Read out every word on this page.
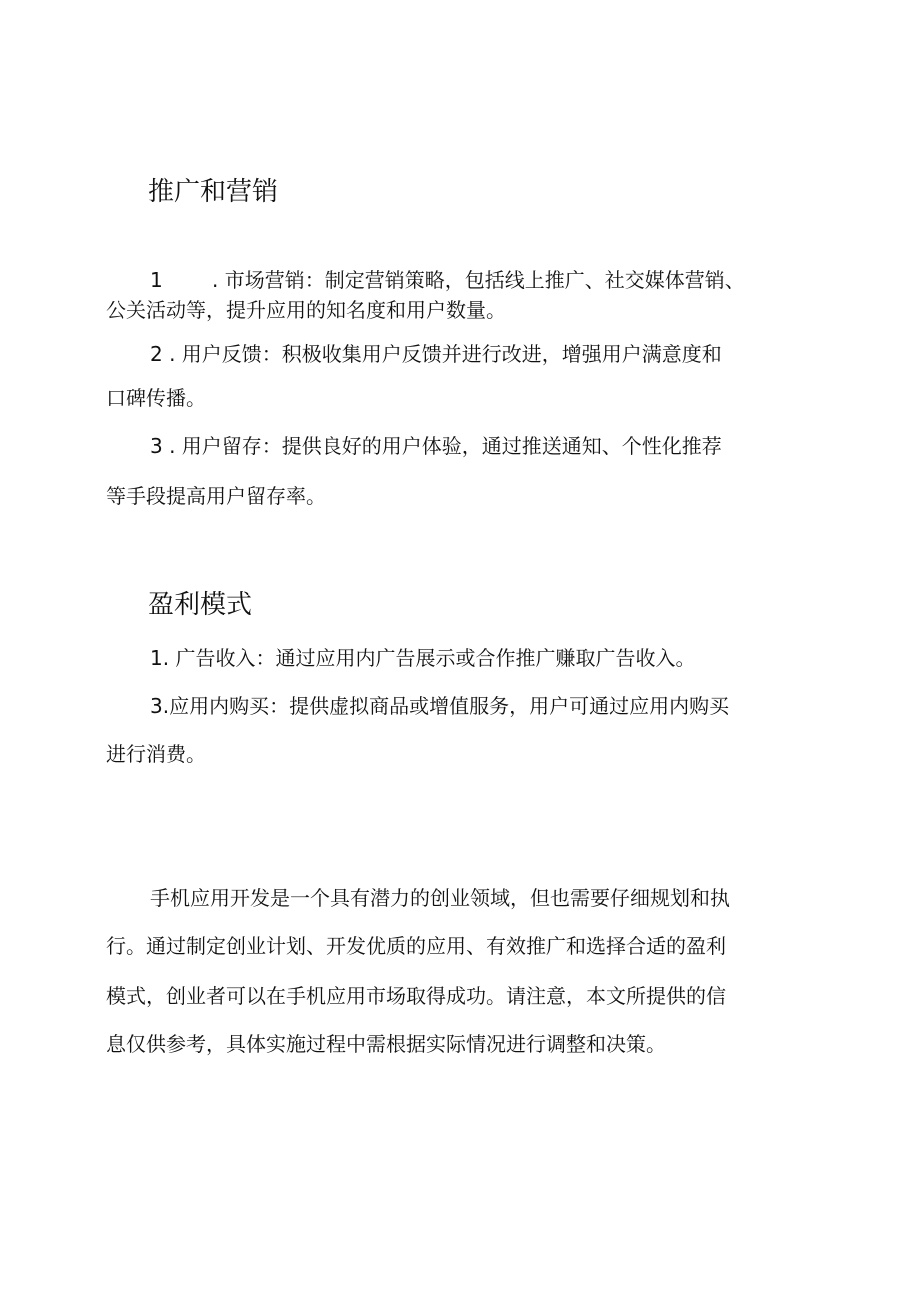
推广和营销
1 . 市场营销：制定营销策略，包括线上推广、社交媒体营销、

公关活动等，提升应用的知名度和用户数量。

2 . 用户反馈：积极收集用户反馈并进行改进，增强用户满意度和

口碑传播。

3 . 用户留存：提供良好的用户体验，通过推送通知、个性化推荐

等手段提高用户留存率。

盈利模式

1. 广告收入：通过应用内广告展示或合作推广赚取广告收入。

3.应用内购买：提供虚拟商品或增值服务，用户可通过应用内购买

进行消费。

手机应用开发是一个具有潜力的创业领域，但也需要仔细规划和执

行。通过制定创业计划、开发优质的应用、有效推广和选择合适的盈利

模式，创业者可以在手机应用市场取得成功。请注意，本文所提供的信

息仅供参考，具体实施过程中需根据实际情况进行调整和决策。
